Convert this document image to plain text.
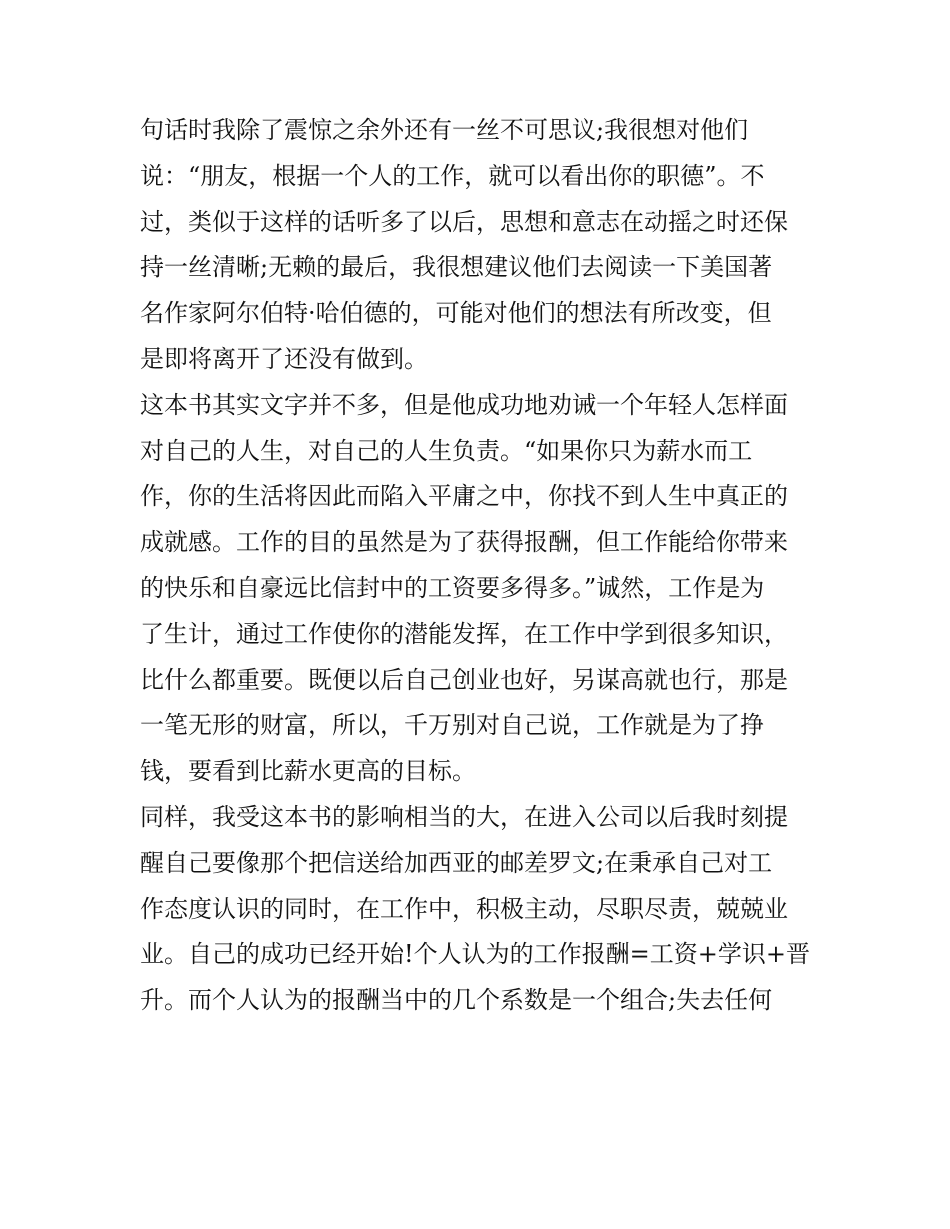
句话时我除了震惊之余外还有一丝不可思议;我很想对他们
说：“朋友，根据一个人的工作，就可以看出你的职德”。不
过，类似于这样的话听多了以后，思想和意志在动摇之时还保
持一丝清晰;无赖的最后，我很想建议他们去阅读一下美国著
名作家阿尔伯特·哈伯德的，可能对他们的想法有所改变，但
是即将离开了还没有做到。
这本书其实文字并不多，但是他成功地劝诫一个年轻人怎样面
对自己的人生，对自己的人生负责。“如果你只为薪水而工
作，你的生活将因此而陷入平庸之中，你找不到人生中真正的
成就感。工作的目的虽然是为了获得报酬，但工作能给你带来
的快乐和自豪远比信封中的工资要多得多。”诚然，工作是为
了生计，通过工作使你的潜能发挥，在工作中学到很多知识，
比什么都重要。既便以后自己创业也好，另谋高就也行，那是
一笔无形的财富，所以，千万别对自己说，工作就是为了挣
钱，要看到比薪水更高的目标。
同样，我受这本书的影响相当的大，在进入公司以后我时刻提
醒自己要像那个把信送给加西亚的邮差罗文;在秉承自己对工
作态度认识的同时，在工作中，积极主动，尽职尽责，兢兢业
业。自己的成功已经开始!个人认为的工作报酬=工资+学识+晋
升。而个人认为的报酬当中的几个系数是一个组合;失去任何
